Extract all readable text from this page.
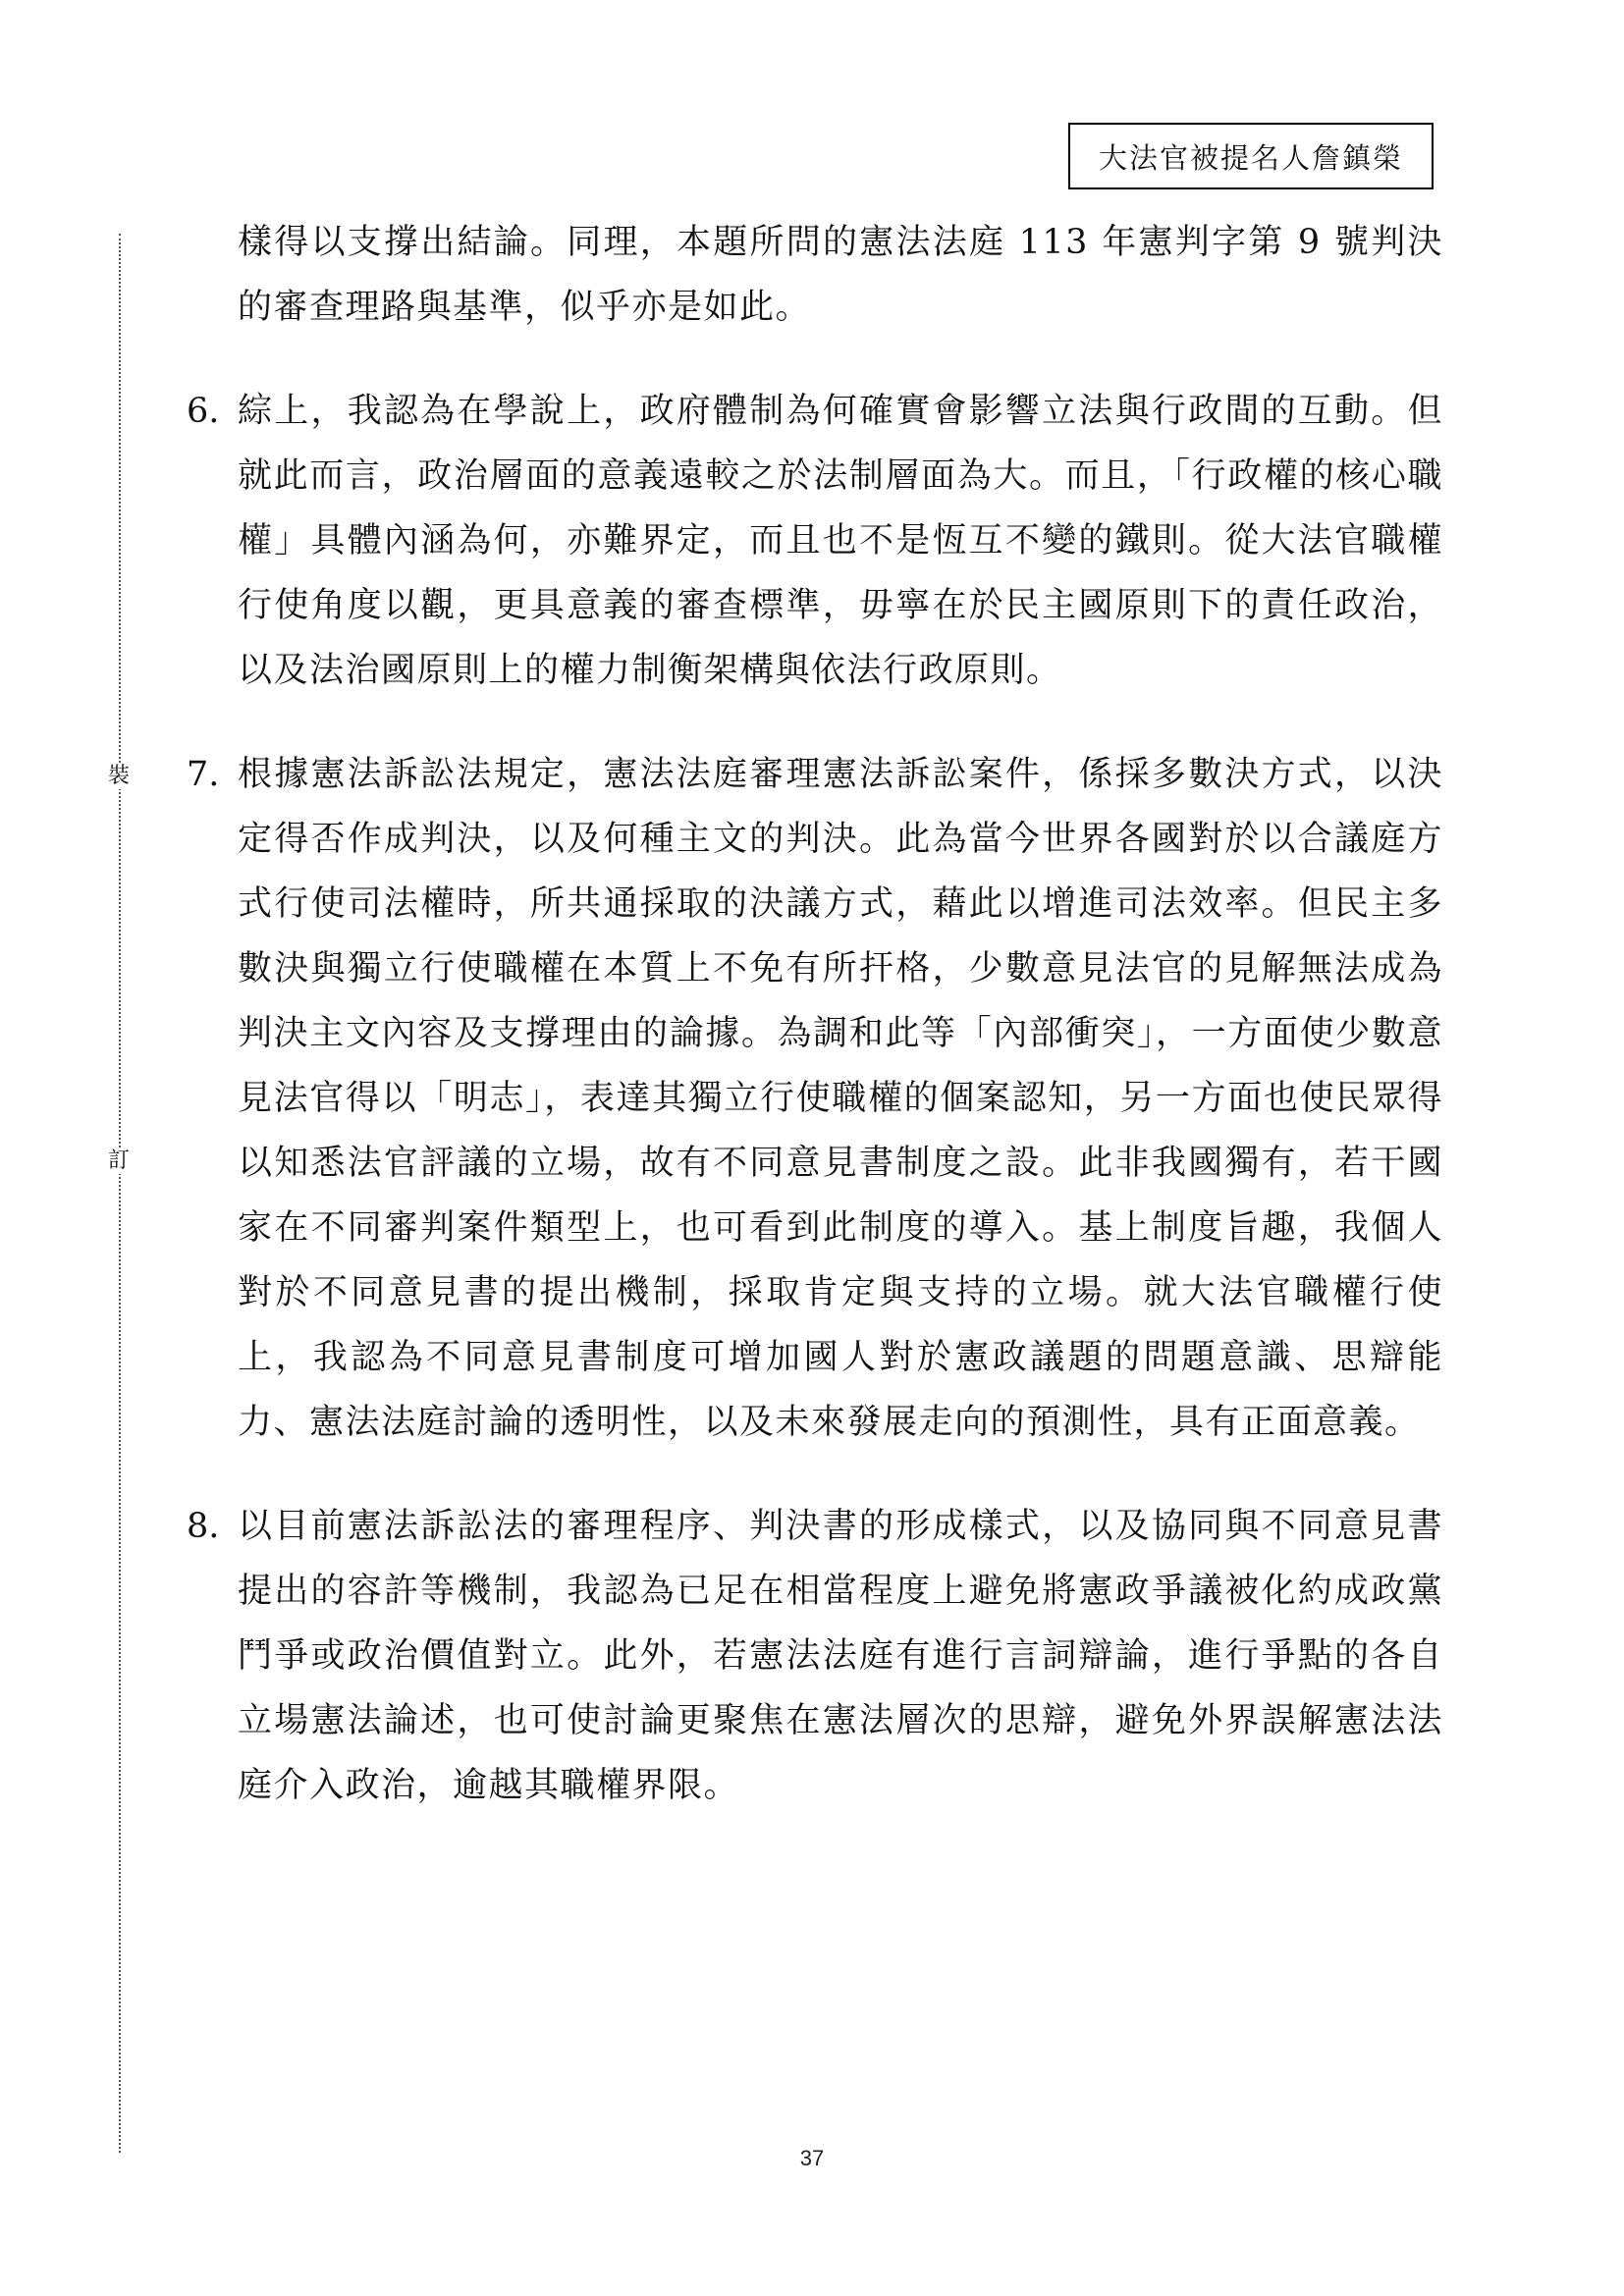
大法官被提名人詹鎮榮
裝
訂

樣得以支撐出結論。同理，本題所問的憲法法庭 113 年憲判字第 9 號判決的審查理路與基準，似乎亦是如此。

6. 綜上，我認為在學說上，政府體制為何確實會影響立法與行政間的互動。但就此而言，政治層面的意義遠較之於法制層面為大。而且，「行政權的核心職權」具體內涵為何，亦難界定，而且也不是恆互不變的鐵則。從大法官職權行使角度以觀，更具意義的審查標準，毋寧在於民主國原則下的責任政治，以及法治國原則上的權力制衡架構與依法行政原則。

7. 根據憲法訴訟法規定，憲法法庭審理憲法訴訟案件，係採多數決方式，以決定得否作成判決，以及何種主文的判決。此為當今世界各國對於以合議庭方式行使司法權時，所共通採取的決議方式，藉此以增進司法效率。但民主多數決與獨立行使職權在本質上不免有所扞格，少數意見法官的見解無法成為判決主文內容及支撐理由的論據。為調和此等「內部衝突」，一方面使少數意見法官得以「明志」，表達其獨立行使職權的個案認知，另一方面也使民眾得以知悉法官評議的立場，故有不同意見書制度之設。此非我國獨有，若干國家在不同審判案件類型上，也可看到此制度的導入。基上制度旨趣，我個人對於不同意見書的提出機制，採取肯定與支持的立場。就大法官職權行使上，我認為不同意見書制度可增加國人對於憲政議題的問題意識、思辯能力、憲法法庭討論的透明性，以及未來發展走向的預測性，具有正面意義。

8. 以目前憲法訴訟法的審理程序、判決書的形成樣式，以及協同與不同意見書提出的容許等機制，我認為已足在相當程度上避免將憲政爭議被化約成政黨鬥爭或政治價值對立。此外，若憲法法庭有進行言詞辯論，進行爭點的各自立場憲法論述，也可使討論更聚焦在憲法層次的思辯，避免外界誤解憲法法庭介入政治，逾越其職權界限。

37
